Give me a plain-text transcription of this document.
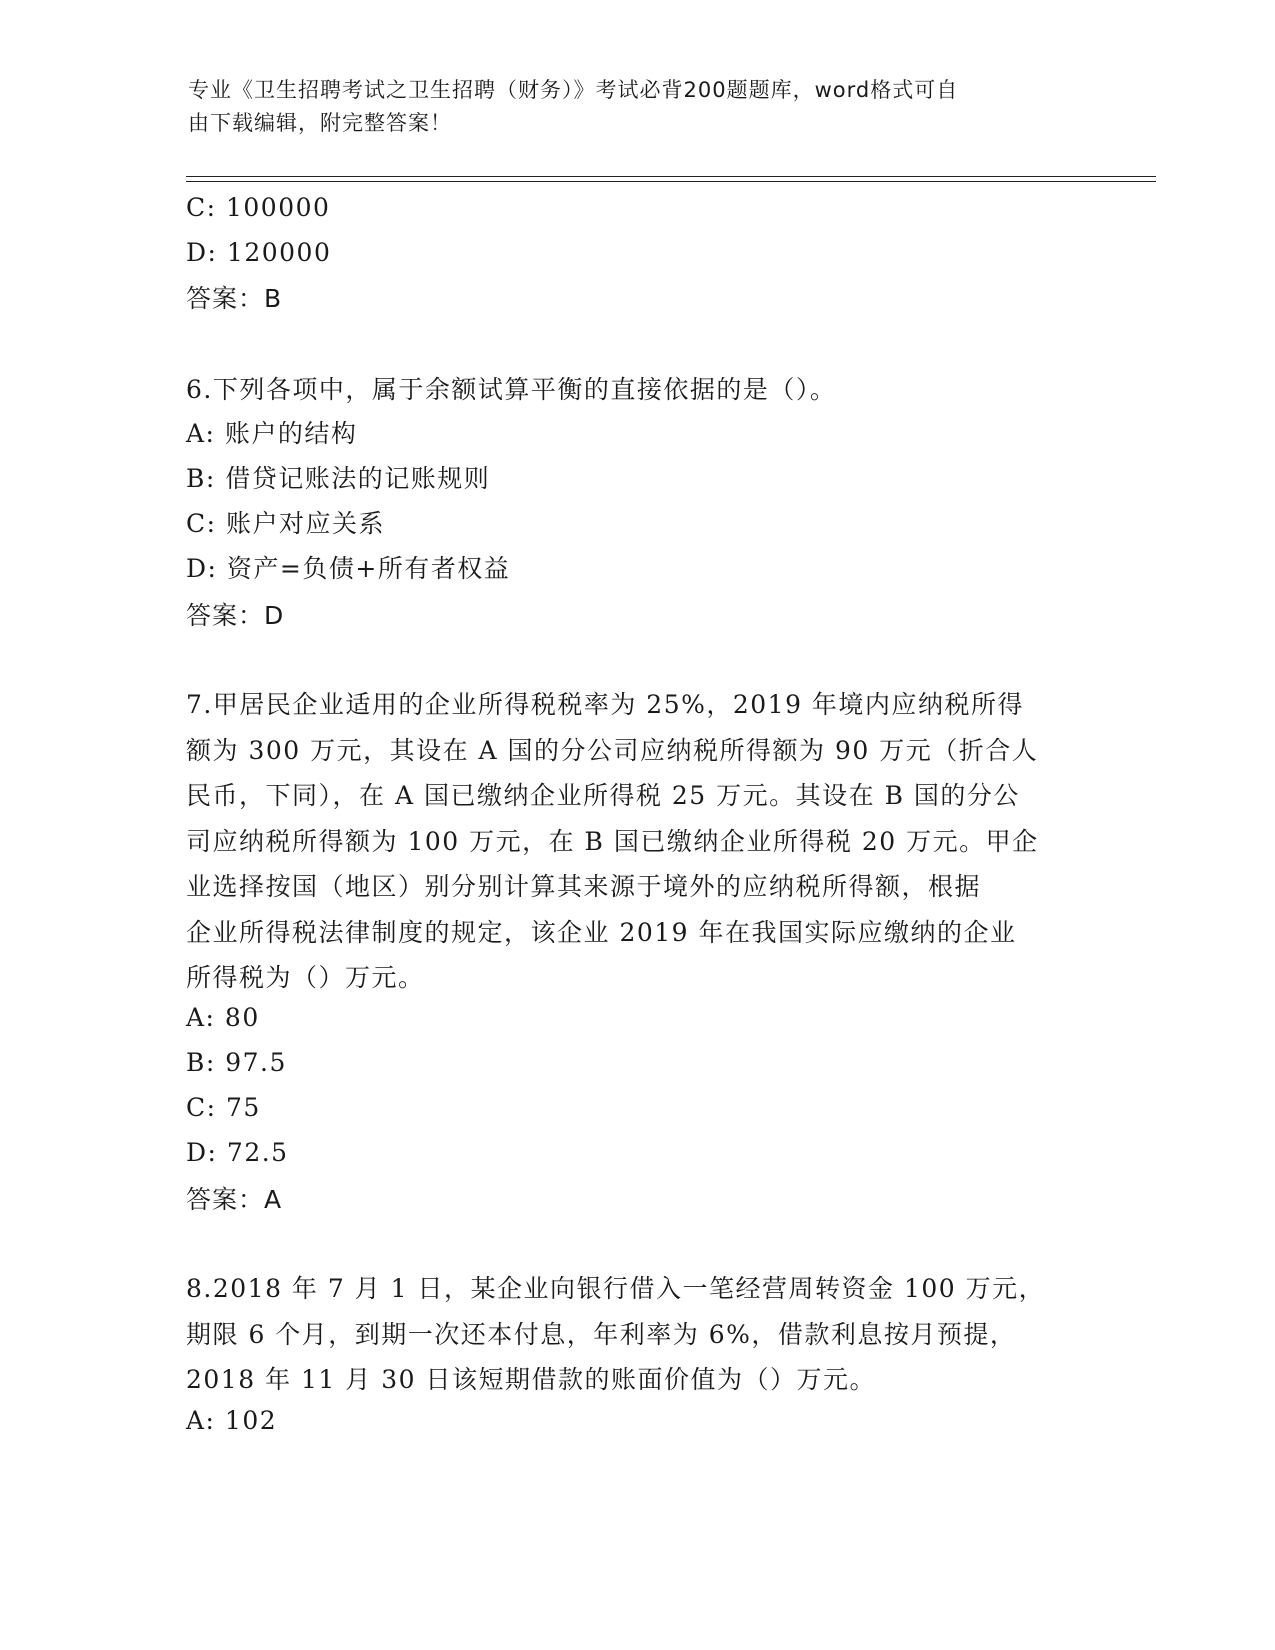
专业《卫生招聘考试之卫生招聘（财务）》考试必背200题题库，word格式可自
由下载编辑，附完整答案！
C: 100000
D: 120000
答案：B
6.下列各项中，属于余额试算平衡的直接依据的是（）。
A: 账户的结构
B: 借贷记账法的记账规则
C: 账户对应关系
D: 资产=负债+所有者权益
答案：D
7.甲居民企业适用的企业所得税税率为 25%，2019 年境内应纳税所得
额为 300 万元，其设在 A 国的分公司应纳税所得额为 90 万元（折合人
民币，下同），在 A 国已缴纳企业所得税 25 万元。其设在 B 国的分公
司应纳税所得额为 100 万元，在 B 国已缴纳企业所得税 20 万元。甲企
业选择按国（地区）别分别计算其来源于境外的应纳税所得额，根据
企业所得税法律制度的规定，该企业 2019 年在我国实际应缴纳的企业
所得税为（）万元。
A: 80
B: 97.5
C: 75
D: 72.5
答案：A
8.2018 年 7 月 1 日，某企业向银行借入一笔经营周转资金 100 万元，
期限 6 个月，到期一次还本付息，年利率为 6%，借款利息按月预提，
2018 年 11 月 30 日该短期借款的账面价值为（）万元。
A: 102
